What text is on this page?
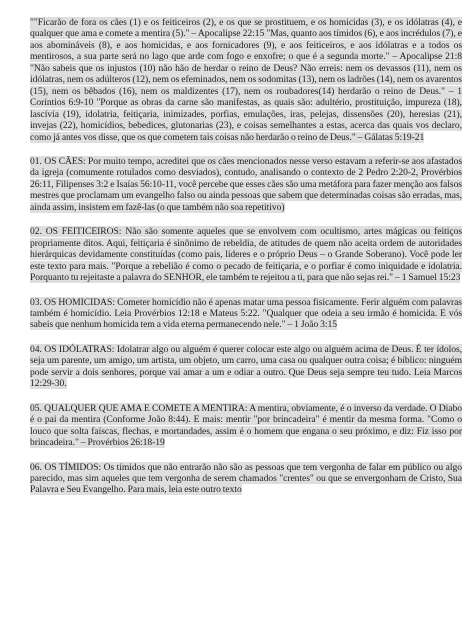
""Ficarão de fora os cães (1) e os feiticeiros (2), e os que se prostituem, e os homicidas (3), e os idólatras (4), e qualquer que ama e comete a mentira (5)." – Apocalipse 22:15 "Mas, quanto aos tímidos (6), e aos incrédulos (7), e aos abomináveis (8), e aos homicidas, e aos fornicadores (9), e aos feiticeiros, e aos idólatras e a todos os mentirosos, a sua parte será no lago que arde com fogo e enxofre; o que é a segunda morte." – Apocalipse 21:8 "Não sabeis que os injustos (10) não hão de herdar o reino de Deus? Não erreis: nem os devassos (11), nem os idólatras, nem os adúlteros (12), nem os efeminados, nem os sodomitas (13), nem os ladrões (14), nem os avarentos (15), nem os bêbados (16), nem os maldizentes (17), nem os roubadores(14) herdarão o reino de Deus." – 1 Coríntios 6:9-10 "Porque as obras da carne são manifestas, as quais são: adultério, prostituição, impureza (18), lascívia (19), idolatria, feitiçaria, inimizades, porfias, emulações, iras, pelejas, dissensões (20), heresias (21), invejas (22), homicídios, bebedices, glutonarias (23), e coisas semelhantes a estas, acerca das quais vos declaro, como já antes vos disse, que os que cometem tais coisas não herdarão o reino de Deus." – Gálatas 5:19-21

01. OS CÃES: Por muito tempo, acreditei que os cães mencionados nesse verso estavam a referir-se aos afastados da igreja (comumente rotulados como desviados), contudo, analisando o contexto de 2 Pedro 2:20-2, Provérbios 26:11, Filipenses 3:2 e Isaías 56:10-11, você percebe que esses cães são uma metáfora para fazer menção aos falsos mestres que proclamam um evangelho falso ou ainda pessoas que sabem que determinadas coisas são erradas, mas, ainda assim, insistem em fazê-las (o que também não soa repetitivo)

02. OS FEITICEIROS: Não são somente aqueles que se envolvem com ocultismo, artes mágicas ou feitiços propriamente ditos. Aqui, feitiçaria é sinônimo de rebeldia, de atitudes de quem não aceita ordem de autoridades hierárquicas devidamente constituídas (como pais, líderes e o próprio Deus – o Grande Soberano). Você pode ler este texto para mais. "Porque a rebelião é como o pecado de feitiçaria, e o porfiar é como iniquidade e idolatria. Porquanto tu rejeitaste a palavra do SENHOR, ele também te rejeitou a ti, para que não sejas rei." – 1 Samuel 15:23

03. OS HOMICIDAS: Cometer homicídio não é apenas matar uma pessoa fisicamente. Ferir alguém com palavras também é homicídio. Leia Provérbios 12:18 e Mateus 5:22. "Qualquer que odeia a seu irmão é homicida. E vós sabeis que nenhum homicida tem a vida eterna permanecendo nele." – 1 João 3:15

04. OS IDÓLATRAS: Idolatrar algo ou alguém é querer colocar este algo ou alguém acima de Deus. É ter ídolos, seja um parente, um amigo, um artista, um objeto, um carro, uma casa ou qualquer outra coisa; é bíblico: ninguém pode servir a dois senhores, porque vai amar a um e odiar a outro. Que Deus seja sempre teu tudo. Leia Marcos 12:29-30.

05. QUALQUER QUE AMA E COMETE A MENTIRA: A mentira, obviamente, é o inverso da verdade. O Diabo é o pai da mentira (Conforme João 8:44). E mais: mentir "por brincadeira" é mentir da mesma forma. "Como o louco que solta faíscas, flechas, e mortandades, assim é o homem que engana o seu próximo, e diz: Fiz isso por brincadeira." – Provérbios 26:18-19

06. OS TÍMIDOS: Os tímidos que não entrarão não são as pessoas que tem vergonha de falar em público ou algo parecido, mas sim aqueles que tem vergonha de serem chamados "crentes" ou que se envergonham de Cristo, Sua Palavra e Seu Evangelho. Para mais, leia este outro texto
